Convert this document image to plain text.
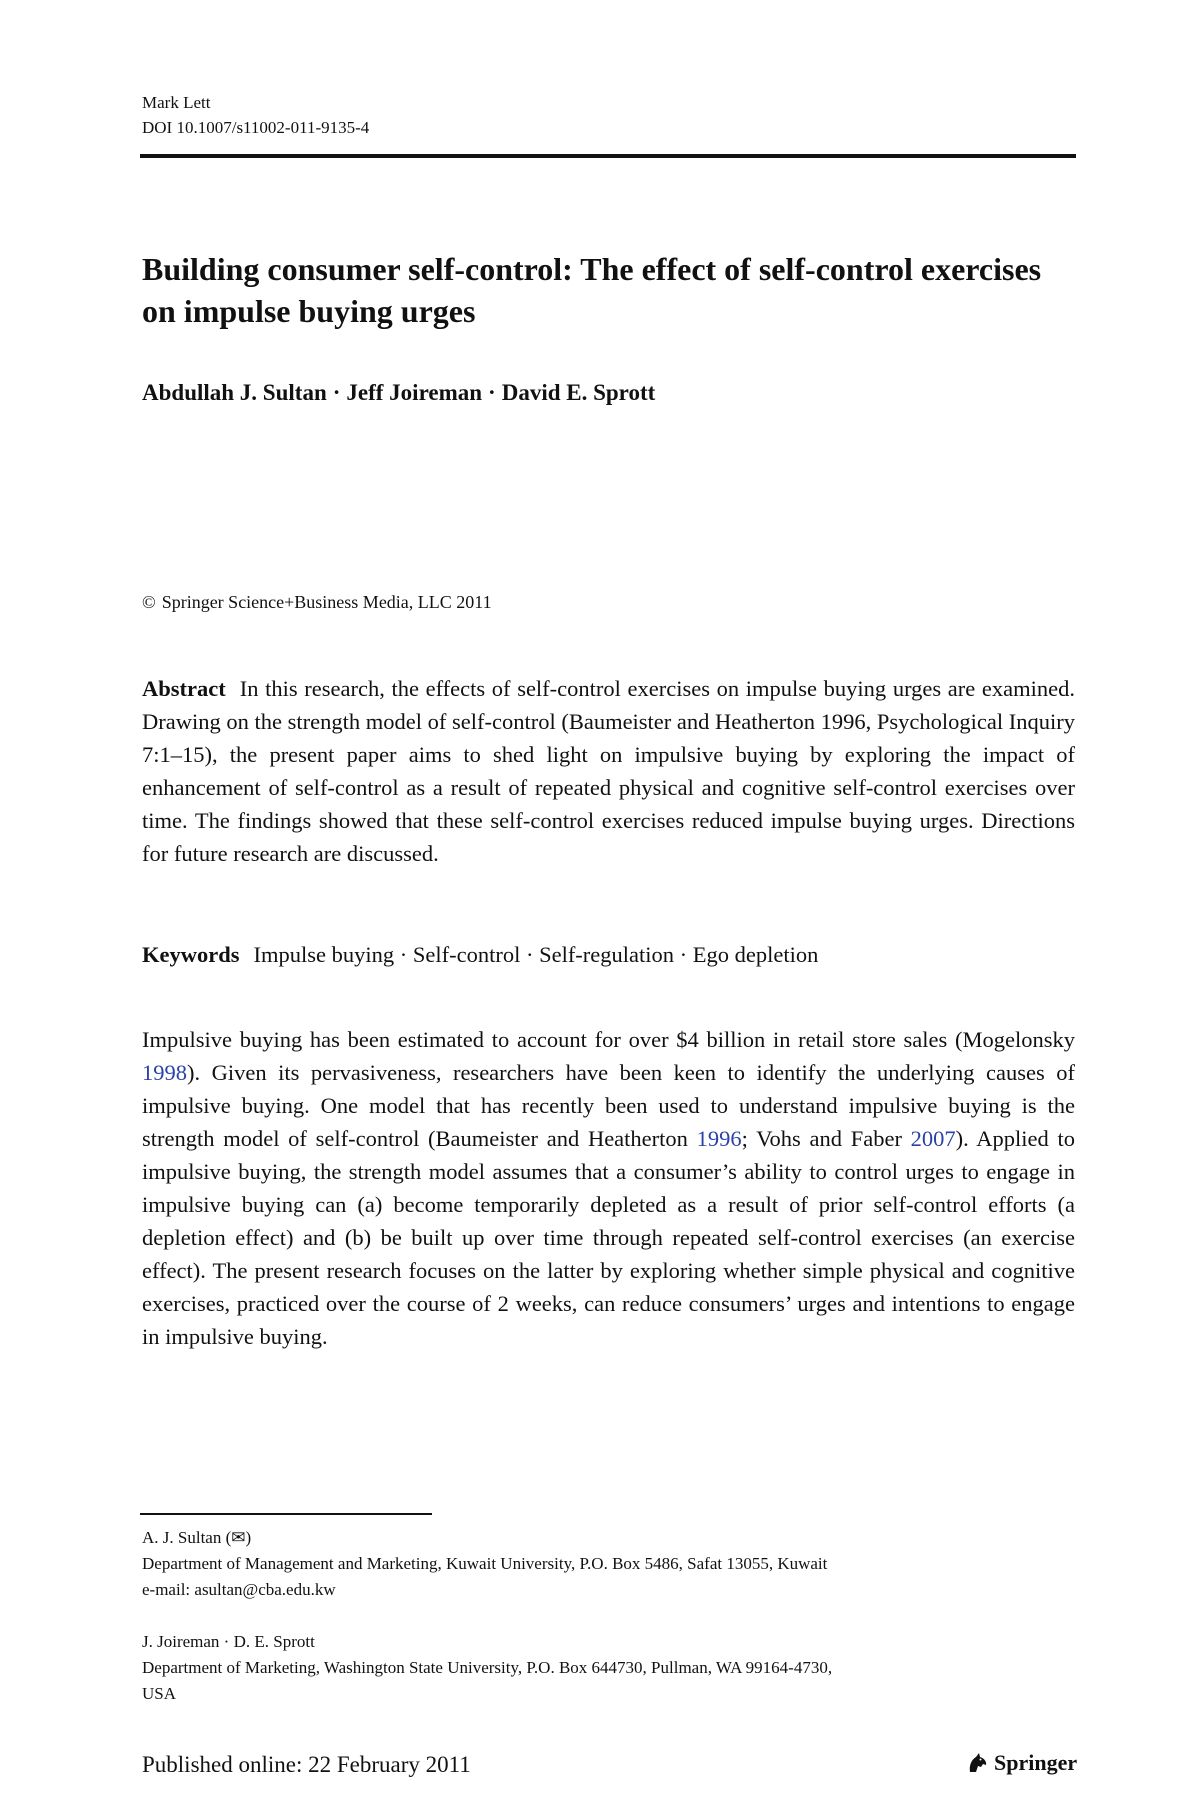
Mark Lett
DOI 10.1007/s11002-011-9135-4
Building consumer self-control: The effect of self-control exercises on impulse buying urges
Abdullah J. Sultan · Jeff Joireman · David E. Sprott
© Springer Science+Business Media, LLC 2011

Abstract In this research, the effects of self-control exercises on impulse buying urges are examined. Drawing on the strength model of self-control (Baumeister and Heatherton 1996, Psychological Inquiry 7:1–15), the present paper aims to shed light on impulsive buying by exploring the impact of enhancement of self-control as a result of repeated physical and cognitive self-control exercises over time. The findings showed that these self-control exercises reduced impulse buying urges. Directions for future research are discussed.

Keywords Impulse buying · Self-control · Self-regulation · Ego depletion

Impulsive buying has been estimated to account for over $4 billion in retail store sales (Mogelonsky 1998). Given its pervasiveness, researchers have been keen to identify the underlying causes of impulsive buying. One model that has recently been used to understand impulsive buying is the strength model of self-control (Baumeister and Heatherton 1996; Vohs and Faber 2007). Applied to impulsive buying, the strength model assumes that a consumer’s ability to control urges to engage in impulsive buying can (a) become temporarily depleted as a result of prior self-control efforts (a depletion effect) and (b) be built up over time through repeated self-control exercises (an exercise effect). The present research focuses on the latter by exploring whether simple physical and cognitive exercises, practiced over the course of 2 weeks, can reduce consumers’ urges and intentions to engage in impulsive buying.

A. J. Sultan (✉)
Department of Management and Marketing, Kuwait University, P.O. Box 5486, Safat 13055, Kuwait
e-mail: asultan@cba.edu.kw
J. Joireman · D. E. Sprott
Department of Marketing, Washington State University, P.O. Box 644730, Pullman, WA 99164-4730,
USA
Published online: 22 February 2011	Springer
